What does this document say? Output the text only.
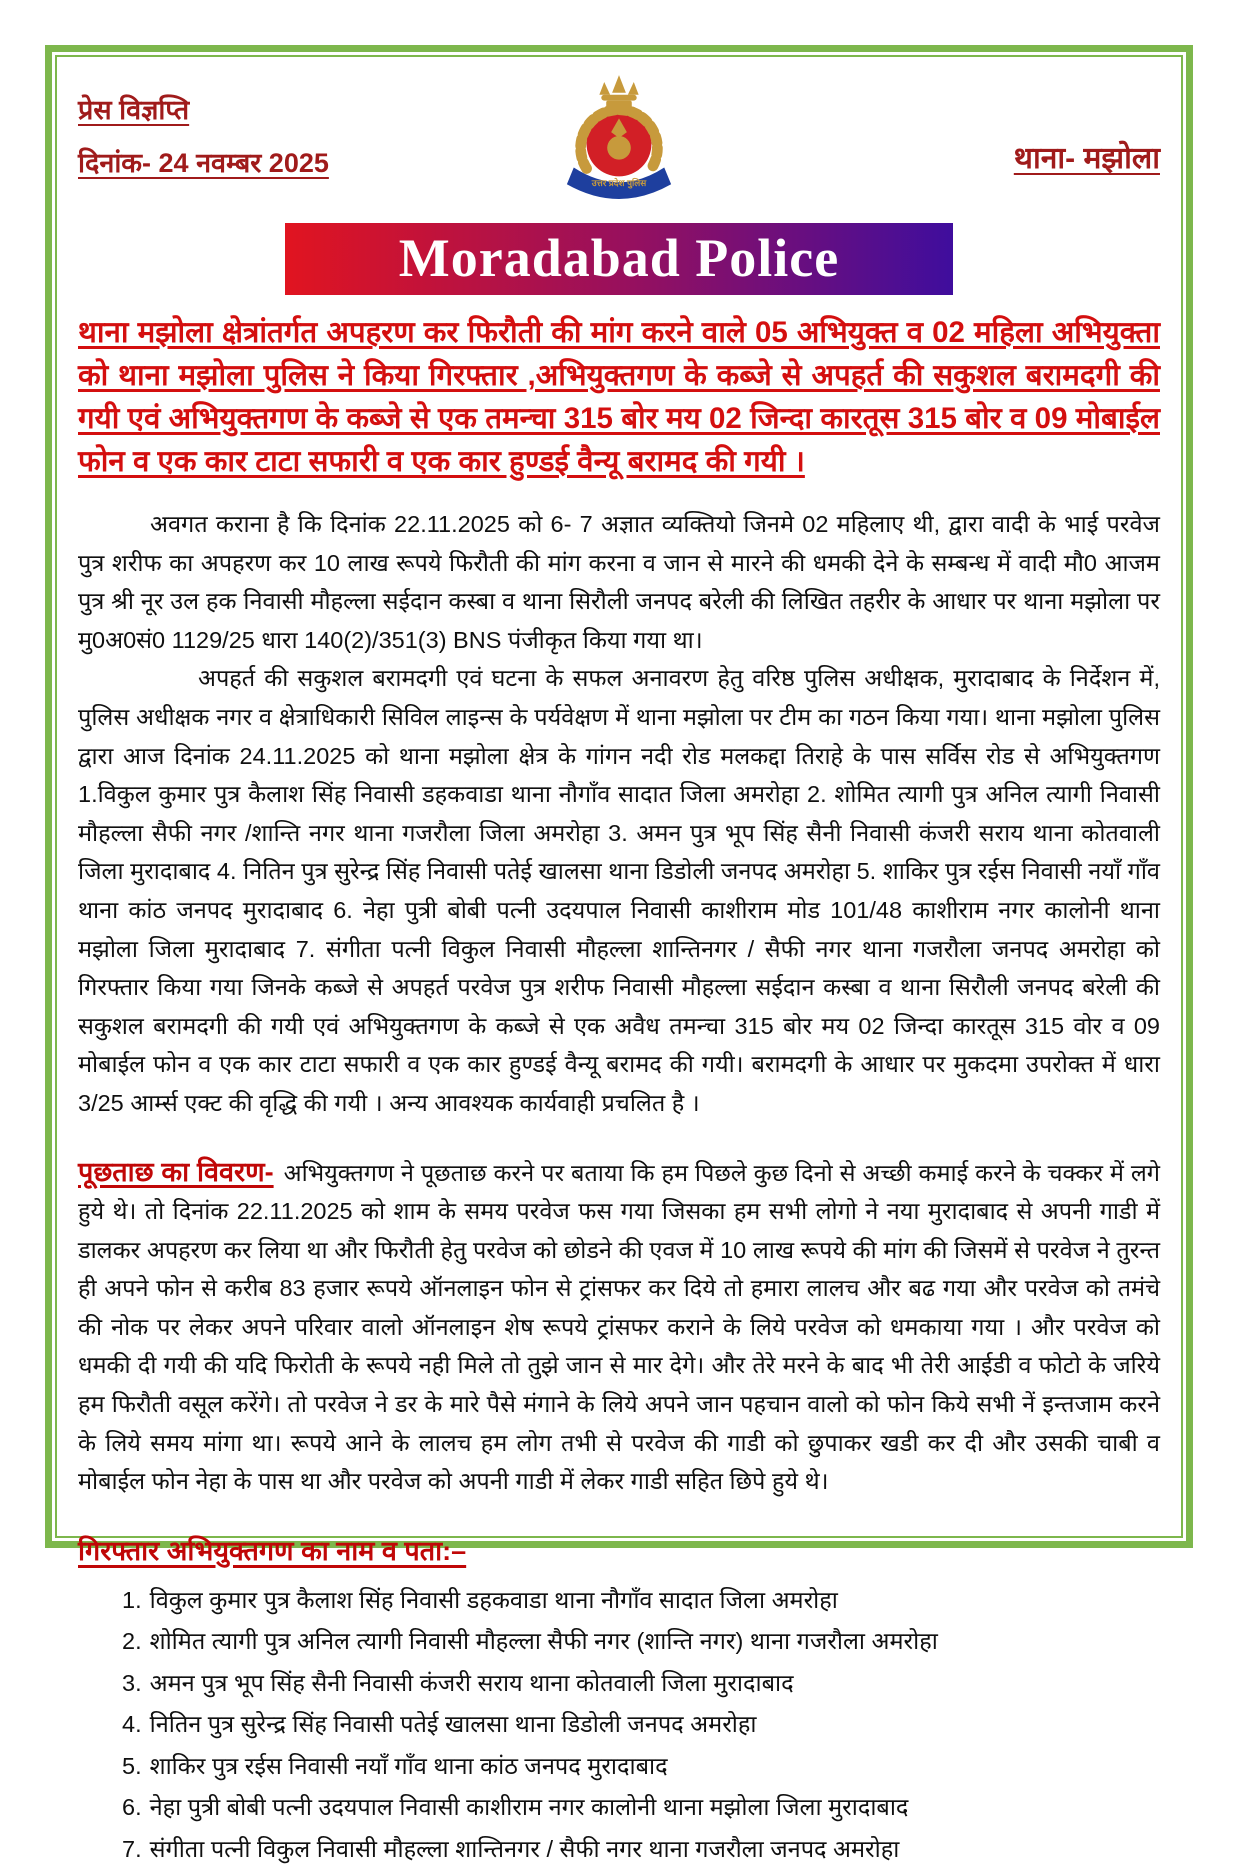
प्रेस विज्ञप्ति
दिनांक- 24 नवम्बर 2025
उत्तर प्रदेश पुलिस
थाना- मझोला
Moradabad Police
थाना मझोला क्षेत्रांतर्गत अपहरण कर फिरौती की मांग करने वाले 05 अभियुक्त व 02 महिला अभियुक्ता को थाना मझोला पुलिस ने किया गिरफ्तार ,अभियुक्तगण के कब्जे से अपहर्त की सकुशल बरामदगी की गयी एवं अभियुक्तगण के कब्जे से एक तमन्चा 315 बोर मय 02 जिन्दा कारतूस 315 बोर व 09 मोबाईल फोन व एक कार टाटा सफारी व एक कार हुण्डई वैन्यू बरामद की गयी ।
अवगत कराना है कि दिनांक 22.11.2025 को 6- 7 अज्ञात व्यक्तियो जिनमे 02 महिलाए थी, द्वारा वादी के भाई परवेज पुत्र शरीफ का अपहरण कर 10 लाख रूपये फिरौती की मांग करना व जान से मारने की धमकी देने के सम्बन्ध में वादी मौ0 आजम पुत्र श्री नूर उल हक निवासी मौहल्ला सईदान कस्बा व थाना सिरौली जनपद बरेली की लिखित तहरीर के आधार पर थाना मझोला पर मु0अ0सं0 1129/25 धारा 140(2)/351(3) BNS पंजीकृत किया गया था।
अपहर्त की सकुशल बरामदगी एवं घटना के सफल अनावरण हेतु वरिष्ठ पुलिस अधीक्षक, मुरादाबाद के निर्देशन में, पुलिस अधीक्षक नगर व क्षेत्राधिकारी सिविल लाइन्स के पर्यवेक्षण में थाना मझोला पर टीम का गठन किया गया। थाना मझोला पुलिस द्वारा आज दिनांक 24.11.2025 को थाना मझोला क्षेत्र के गांगन नदी रोड मलकद्दा तिराहे के पास सर्विस रोड से अभियुक्तगण 1.विकुल कुमार पुत्र कैलाश सिंह निवासी डहकवाडा थाना नौगाँव सादात जिला अमरोहा 2. शोमित त्यागी पुत्र अनिल त्यागी निवासी मौहल्ला सैफी नगर /शान्ति नगर थाना गजरौला जिला अमरोहा 3. अमन पुत्र भूप सिंह सैनी निवासी कंजरी सराय थाना कोतवाली जिला मुरादाबाद 4. नितिन पुत्र सुरेन्द्र सिंह निवासी पतेई खालसा थाना डिडोली जनपद अमरोहा 5. शाकिर पुत्र रईस निवासी नयाँ गाँव थाना कांठ जनपद मुरादाबाद 6. नेहा पुत्री बोबी पत्नी उदयपाल निवासी काशीराम मोड 101/48 काशीराम नगर कालोनी थाना मझोला जिला मुरादाबाद 7. संगीता पत्नी विकुल निवासी मौहल्ला शान्तिनगर / सैफी नगर थाना गजरौला जनपद अमरोहा को गिरफ्तार किया गया जिनके कब्जे से अपहर्त परवेज पुत्र शरीफ निवासी मौहल्ला सईदान कस्बा व थाना सिरौली जनपद बरेली की सकुशल बरामदगी की गयी एवं अभियुक्तगण के कब्जे से एक अवैध तमन्चा 315 बोर मय 02 जिन्दा कारतूस 315 वोर व 09 मोबाईल फोन व एक कार टाटा सफारी व एक कार हुण्डई वैन्यू बरामद की गयी। बरामदगी के आधार पर मुकदमा उपरोक्त में धारा 3/25 आर्म्स एक्ट की वृद्धि की गयी । अन्य आवश्यक कार्यवाही प्रचलित है ।
पूछताछ का विवरण- अभियुक्तगण ने पूछताछ करने पर बताया कि हम पिछले कुछ दिनो से अच्छी कमाई करने के चक्कर में लगे हुये थे। तो दिनांक 22.11.2025 को शाम के समय परवेज फस गया जिसका हम सभी लोगो ने नया मुरादाबाद से अपनी गाडी में डालकर अपहरण कर लिया था और फिरौती हेतु परवेज को छोडने की एवज में 10 लाख रूपये की मांग की जिसमें से परवेज ने तुरन्त ही अपने फोन से करीब 83 हजार रूपये ऑनलाइन फोन से ट्रांसफर कर दिये तो हमारा लालच और बढ गया और परवेज को तमंचे की नोक पर लेकर अपने परिवार वालो ऑनलाइन शेष रूपये ट्रांसफर कराने के लिये परवेज को धमकाया गया । और परवेज को धमकी दी गयी की यदि फिरोती के रूपये नही मिले तो तुझे जान से मार देगे। और तेरे मरने के बाद भी तेरी आईडी व फोटो के जरिये हम फिरौती वसूल करेंगे। तो परवेज ने डर के मारे पैसे मंगाने के लिये अपने जान पहचान वालो को फोन किये सभी नें इन्तजाम करने के लिये समय मांगा था। रूपये आने के लालच हम लोग तभी से परवेज की गाडी को छुपाकर खडी कर दी और उसकी चाबी व मोबाईल फोन नेहा के पास था और परवेज को अपनी गाडी में लेकर गाडी सहित छिपे हुये थे।
गिरफ्तार अभियुक्तगण का नाम व पता:–
1. विकुल कुमार पुत्र कैलाश सिंह निवासी डहकवाडा थाना नौगाँव सादात जिला अमरोहा
2. शोमित त्यागी पुत्र अनिल त्यागी निवासी मौहल्ला सैफी नगर (शान्ति नगर) थाना गजरौला अमरोहा
3. अमन पुत्र भूप सिंह सैनी निवासी कंजरी सराय थाना कोतवाली जिला मुरादाबाद
4. नितिन पुत्र सुरेन्द्र सिंह निवासी पतेई खालसा थाना डिडोली जनपद अमरोहा
5. शाकिर पुत्र रईस निवासी नयाँ गाँव थाना कांठ जनपद मुरादाबाद
6. नेहा पुत्री बोबी पत्नी उदयपाल निवासी काशीराम नगर कालोनी थाना मझोला जिला मुरादाबाद
7. संगीता पत्नी विकुल निवासी मौहल्ला शान्तिनगर / सैफी नगर थाना गजरौला जनपद अमरोहा
